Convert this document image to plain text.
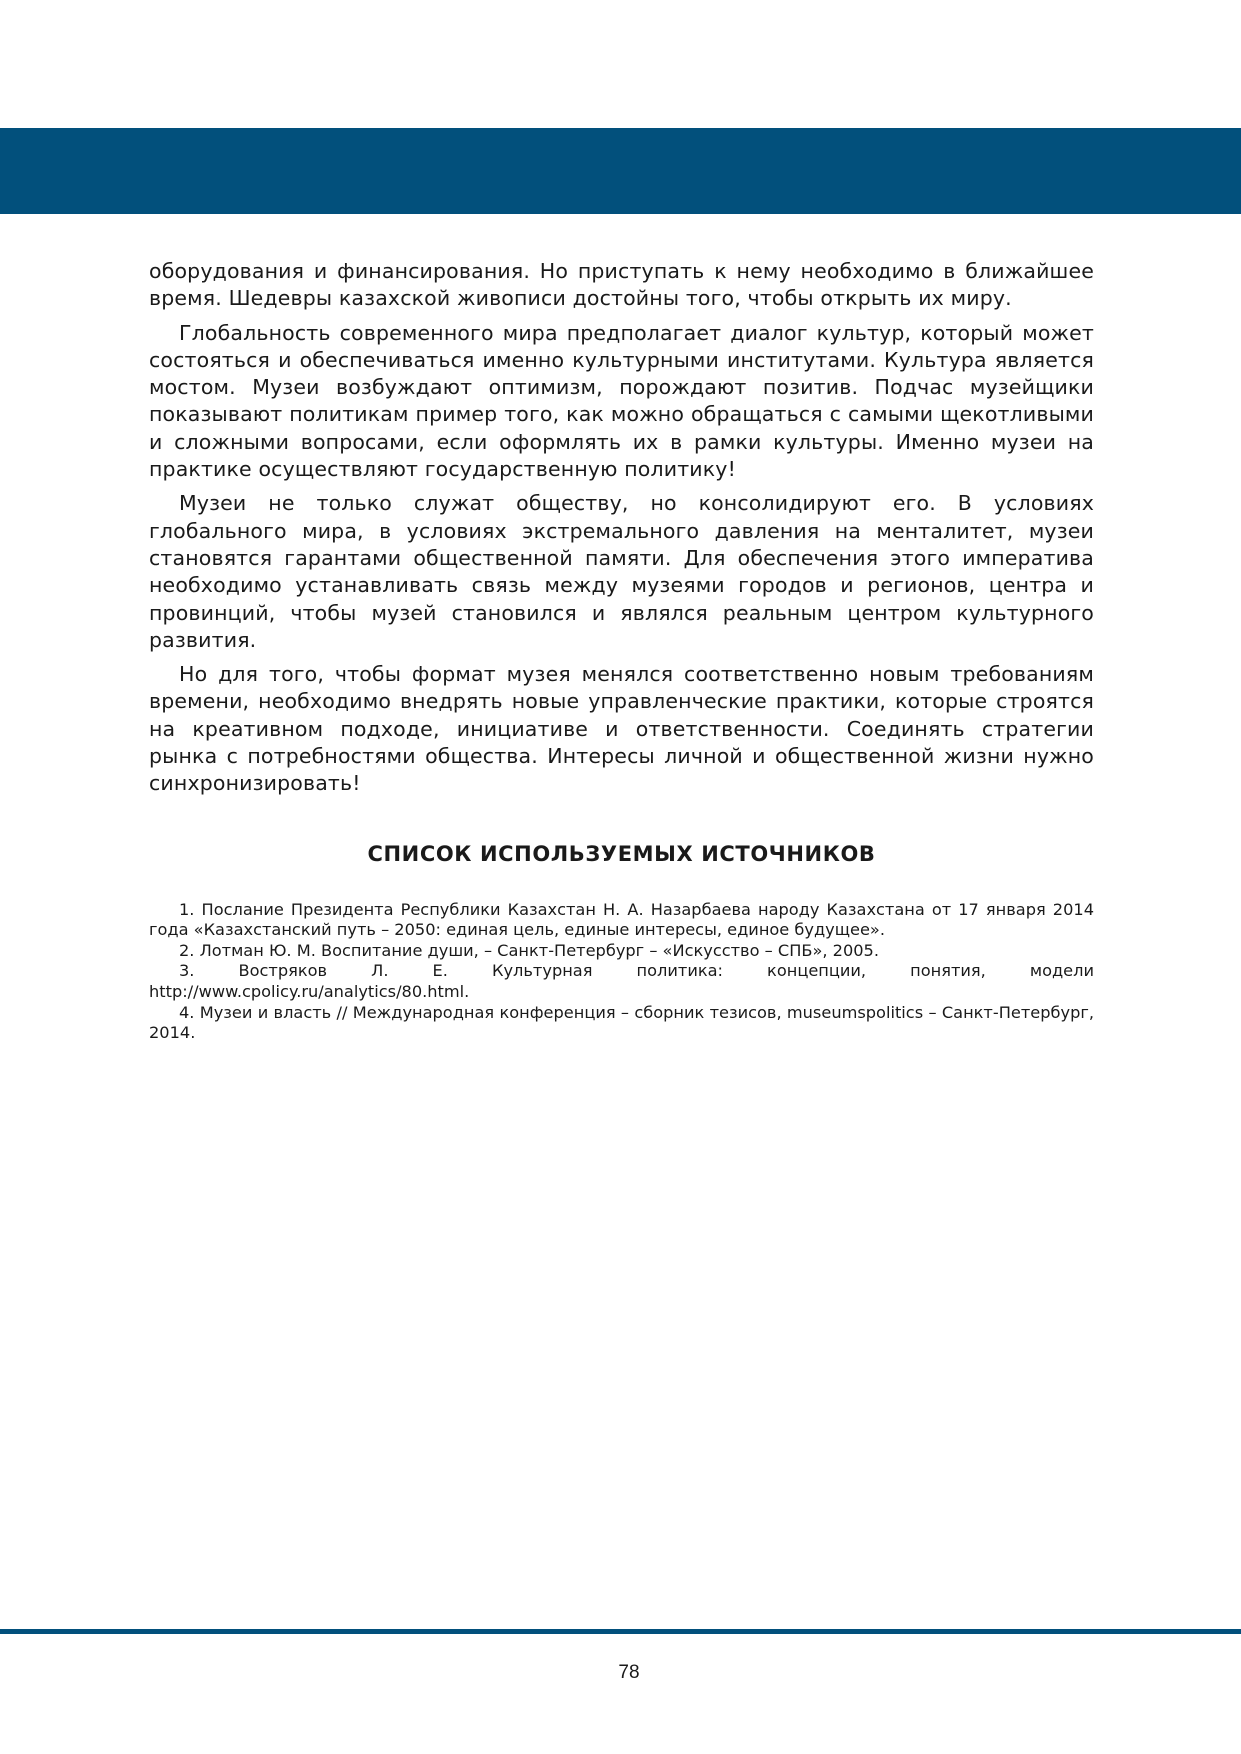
оборудования и финансирования. Но приступать к нему необходимо в ближайшее время. Шедевры казахской живописи достойны того, чтобы открыть их миру.

Глобальность современного мира предполагает диалог культур, который может состояться и обеспечиваться именно культурными институтами. Культура является мостом. Музеи возбуждают оптимизм, порождают позитив. Подчас музейщики показывают политикам пример того, как можно обращаться с самыми щекотливыми и сложными вопросами, если оформлять их в рамки культуры. Именно музеи на практике осуществляют государственную политику!

Музеи не только служат обществу, но консолидируют его. В условиях глобального мира, в условиях экстремального давления на менталитет, музеи становятся гарантами общественной памяти. Для обеспечения этого императива необходимо устанавливать связь между музеями городов и регионов, центра и провинций, чтобы музей становился и являлся реальным центром культурного развития.

Но для того, чтобы формат музея менялся соответственно новым требованиям времени, необходимо внедрять новые управленческие практики, которые строятся на креативном подходе, инициативе и ответственности. Соединять стратегии рынка с потребностями общества. Интересы личной и общественной жизни нужно синхронизировать!

СПИСОК ИСПОЛЬЗУЕМЫХ ИСТОЧНИКОВ
1. Послание Президента Республики Казахстан Н. А. Назарбаева народу Казахстана от 17 января 2014 года «Казахстанский путь – 2050: единая цель, единые интересы, единое будущее».
2. Лотман Ю. М. Воспитание души, – Санкт-Петербург – «Искусство – СПБ», 2005.
3. Востряков Л. Е. Культурная политика: концепции, понятия, модели http://www.cpolicy.ru/analytics/80.html.
4. Музеи и власть // Международная конференция – сборник тезисов, museumspolitics – Санкт-Петербург, 2014.
78
